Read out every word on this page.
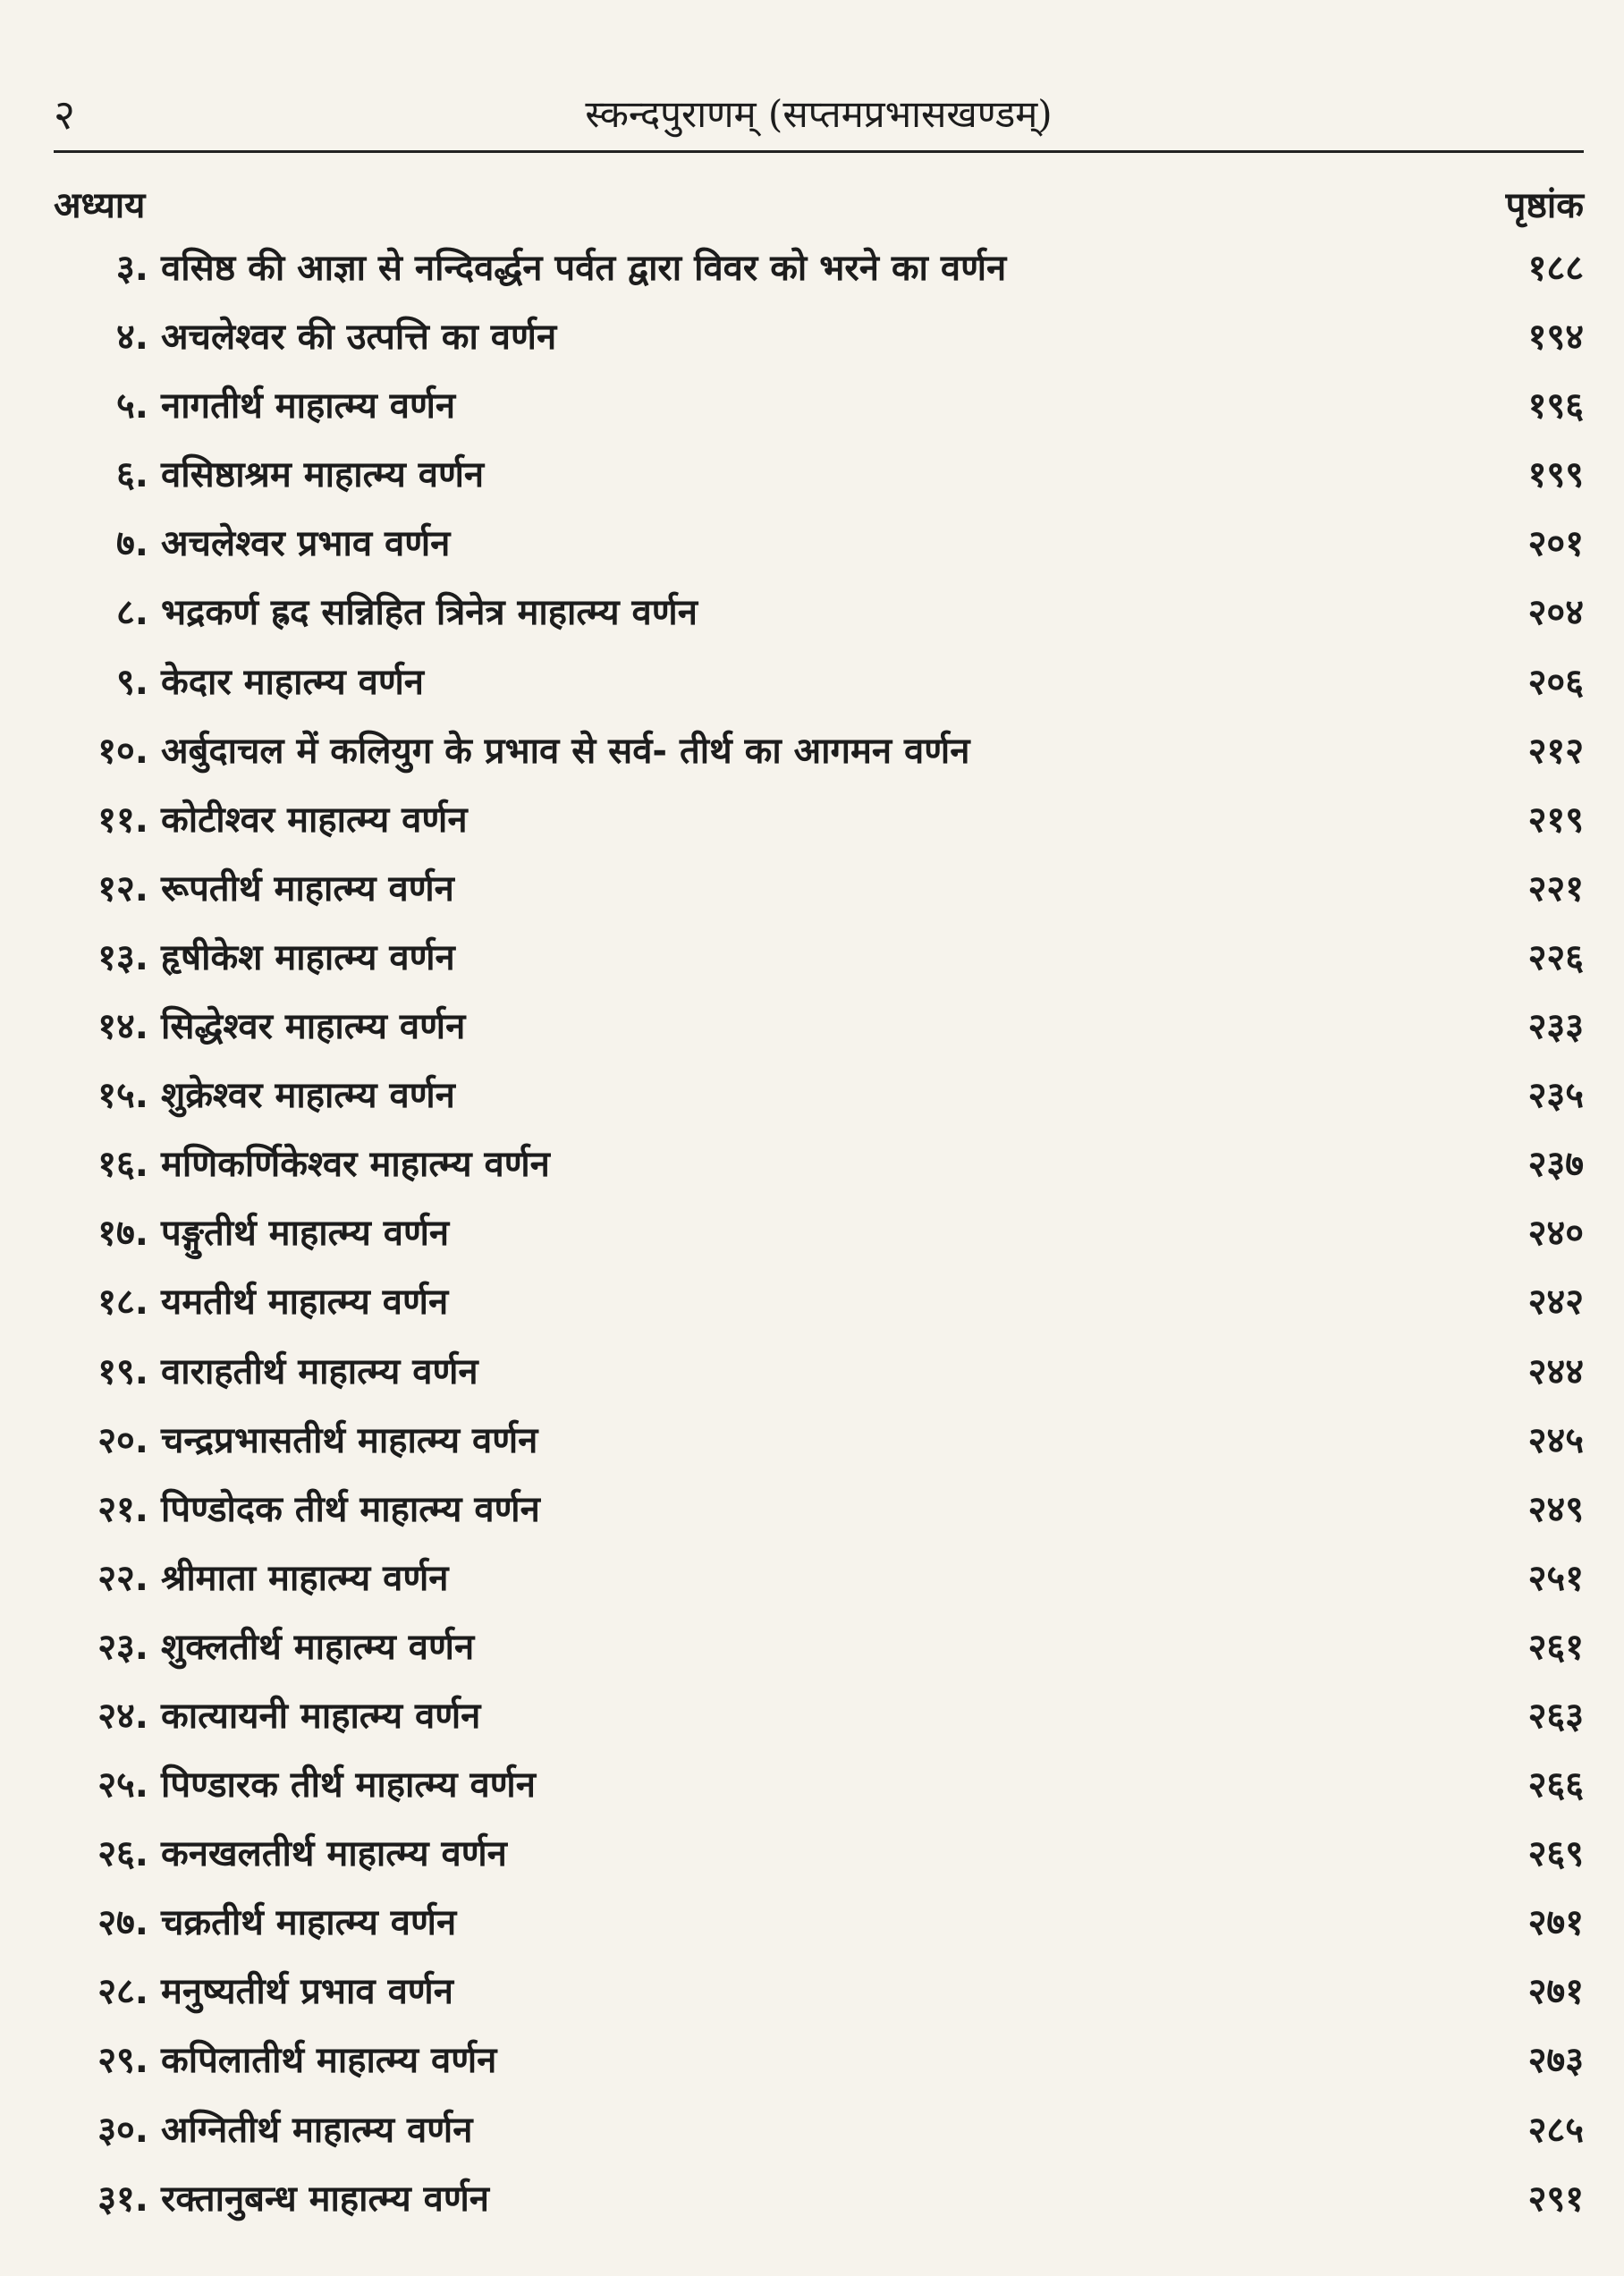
२	स्कन्दपुराणम् (सप्तमप्रभासखण्डम्)
अध्याय	पृष्ठांक
३. वसिष्ठ की आज्ञा से नन्दिवर्द्धन पर्वत द्वारा विवर को भरने का वर्णन	१८८
४. अचलेश्वर की उत्पत्ति का वर्णन	१९४
५. नागतीर्थ माहात्म्य वर्णन	१९६
६. वसिष्ठाश्रम माहात्म्य वर्णन	१९९
७. अचलेश्वर प्रभाव वर्णन	२०१
८. भद्रकर्ण ह्रद सन्निहित त्रिनेत्र माहात्म्य वर्णन	२०४
९. केदार माहात्म्य वर्णन	२०६
१०. अर्बुदाचल में कलियुग के प्रभाव से सर्व- तीर्थ का आगमन वर्णन	२१२
११. कोटीश्वर माहात्म्य वर्णन	२१९
१२. रूपतीर्थ माहात्म्य वर्णन	२२१
१३. हृषीकेश माहात्म्य वर्णन	२२६
१४. सिद्धेश्वर माहात्म्य वर्णन	२३३
१५. शुक्रेश्वर माहात्म्य वर्णन	२३५
१६. मणिकर्णिकेश्वर माहात्म्य वर्णन	२३७
१७. पङ्गुतीर्थ माहात्म्य वर्णन	२४०
१८. यमतीर्थ माहात्म्य वर्णन	२४२
१९. वाराहतीर्थ माहात्म्य वर्णन	२४४
२०. चन्द्रप्रभासतीर्थ माहात्म्य वर्णन	२४५
२१. पिण्डोदक तीर्थ माहात्म्य वर्णन	२४९
२२. श्रीमाता माहात्म्य वर्णन	२५१
२३. शुक्लतीर्थ माहात्म्य वर्णन	२६१
२४. कात्यायनी माहात्म्य वर्णन	२६३
२५. पिण्डारक तीर्थ माहात्म्य वर्णन	२६६
२६. कनखलतीर्थ माहात्म्य वर्णन	२६९
२७. चक्रतीर्थ माहात्म्य वर्णन	२७१
२८. मनुष्यतीर्थ प्रभाव वर्णन	२७१
२९. कपिलातीर्थ माहात्म्य वर्णन	२७३
३०. अग्नितीर्थ माहात्म्य वर्णन	२८५
३१. रक्तानुबन्ध माहात्म्य वर्णन	२९१
